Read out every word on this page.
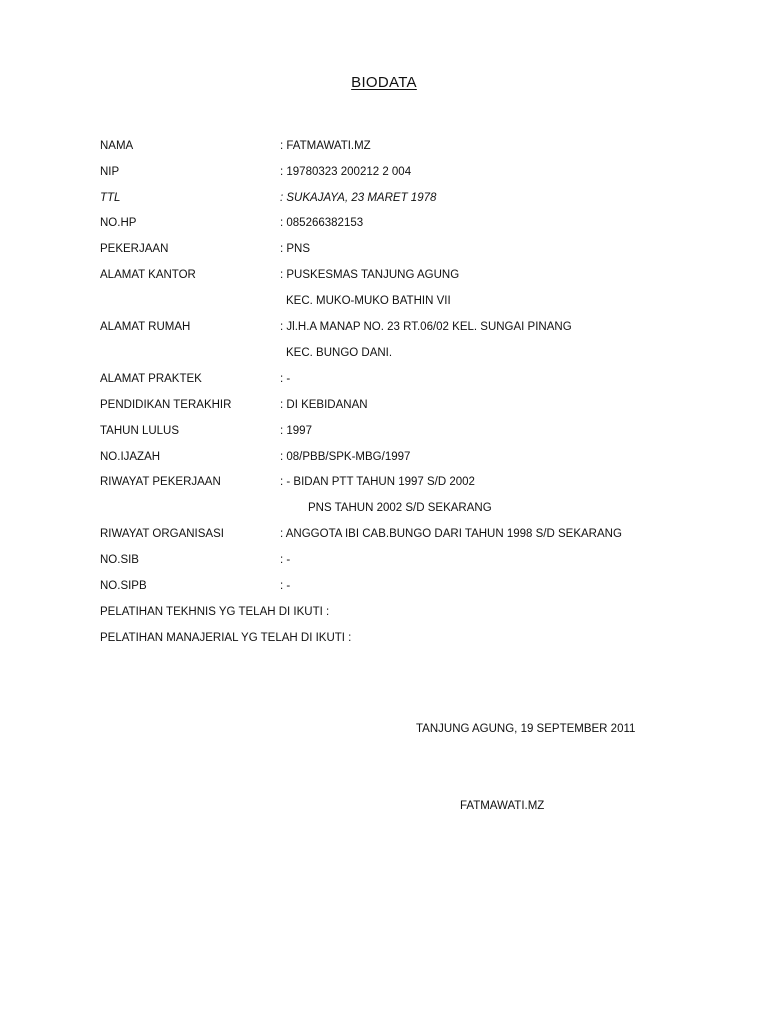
BIODATA
NAMA	: FATMAWATI.MZ
NIP	: 19780323 200212 2 004
TTL	: SUKAJAYA, 23 MARET 1978
NO.HP	: 085266382153
PEKERJAAN	: PNS
ALAMAT KANTOR	: PUSKESMAS TANJUNG AGUNG
KEC. MUKO-MUKO BATHIN VII
ALAMAT RUMAH	: Jl.H.A MANAP NO. 23 RT.06/02 KEL. SUNGAI PINANG
KEC. BUNGO DANI.
ALAMAT PRAKTEK	: -
PENDIDIKAN TERAKHIR	: DI KEBIDANAN
TAHUN LULUS	: 1997
NO.IJAZAH	: 08/PBB/SPK-MBG/1997
RIWAYAT PEKERJAAN	: - BIDAN PTT TAHUN 1997 S/D 2002
PNS TAHUN 2002 S/D SEKARANG
RIWAYAT ORGANISASI	: ANGGOTA IBI CAB.BUNGO DARI TAHUN 1998 S/D SEKARANG
NO.SIB	: -
NO.SIPB	: -
PELATIHAN TEKHNIS YG TELAH DI IKUTI :
PELATIHAN MANAJERIAL YG TELAH DI IKUTI :
TANJUNG AGUNG, 19 SEPTEMBER 2011
FATMAWATI.MZ
